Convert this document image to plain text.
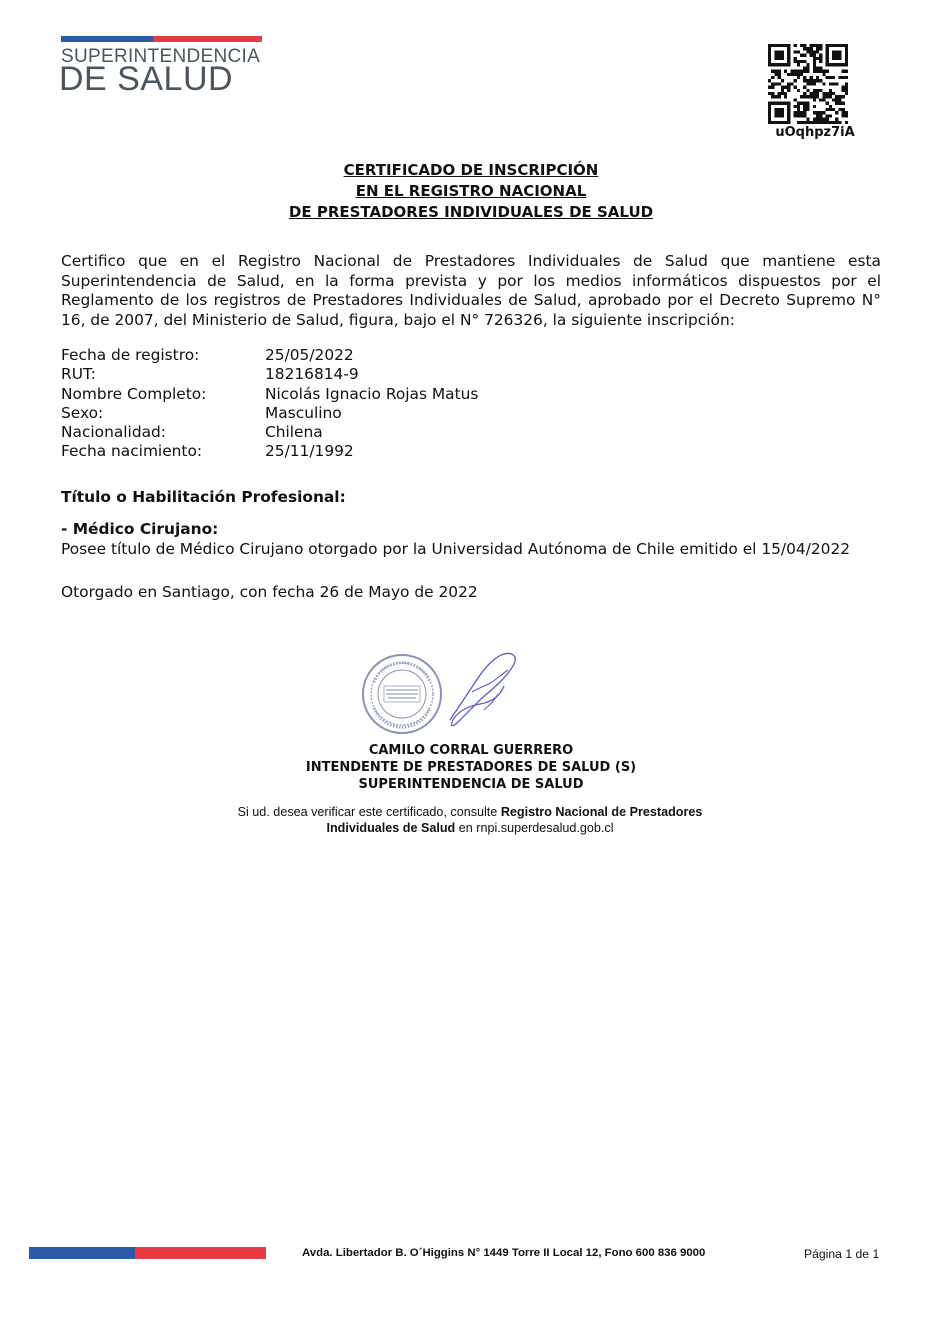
SUPERINTENDENCIA
DE SALUD
uOqhpz7iA
CERTIFICADO DE INSCRIPCIÓN
EN EL REGISTRO NACIONAL
DE PRESTADORES INDIVIDUALES DE SALUD

Certifico que en el Registro Nacional de Prestadores Individuales de Salud que mantiene esta Superintendencia de Salud, en la forma prevista y por los medios informáticos dispuestos por el Reglamento de los registros de Prestadores Individuales de Salud, aprobado por el Decreto Supremo N° 16, de 2007, del Ministerio de Salud, figura, bajo el N° 726326, la siguiente inscripción:

Fecha de registro:	25/05/2022
RUT:	18216814-9
Nombre Completo:	Nicolás Ignacio Rojas Matus
Sexo:	Masculino
Nacionalidad:	Chilena
Fecha nacimiento:	25/11/1992
Título o Habilitación Profesional:
- Médico Cirujano:
Posee título de Médico Cirujano otorgado por la Universidad Autónoma de Chile emitido el 15/04/2022
Otorgado en Santiago, con fecha 26 de Mayo de 2022
CAMILO CORRAL GUERRERO
INTENDENTE DE PRESTADORES DE SALUD (S)
SUPERINTENDENCIA DE SALUD
Si ud. desea verificar este certificado, consulte Registro Nacional de Prestadores
Individuales de Salud en rnpi.superdesalud.gob.cl
Avda. Libertador B. O´Higgins N° 1449 Torre II Local 12, Fono 600 836 9000	Página 1 de 1
